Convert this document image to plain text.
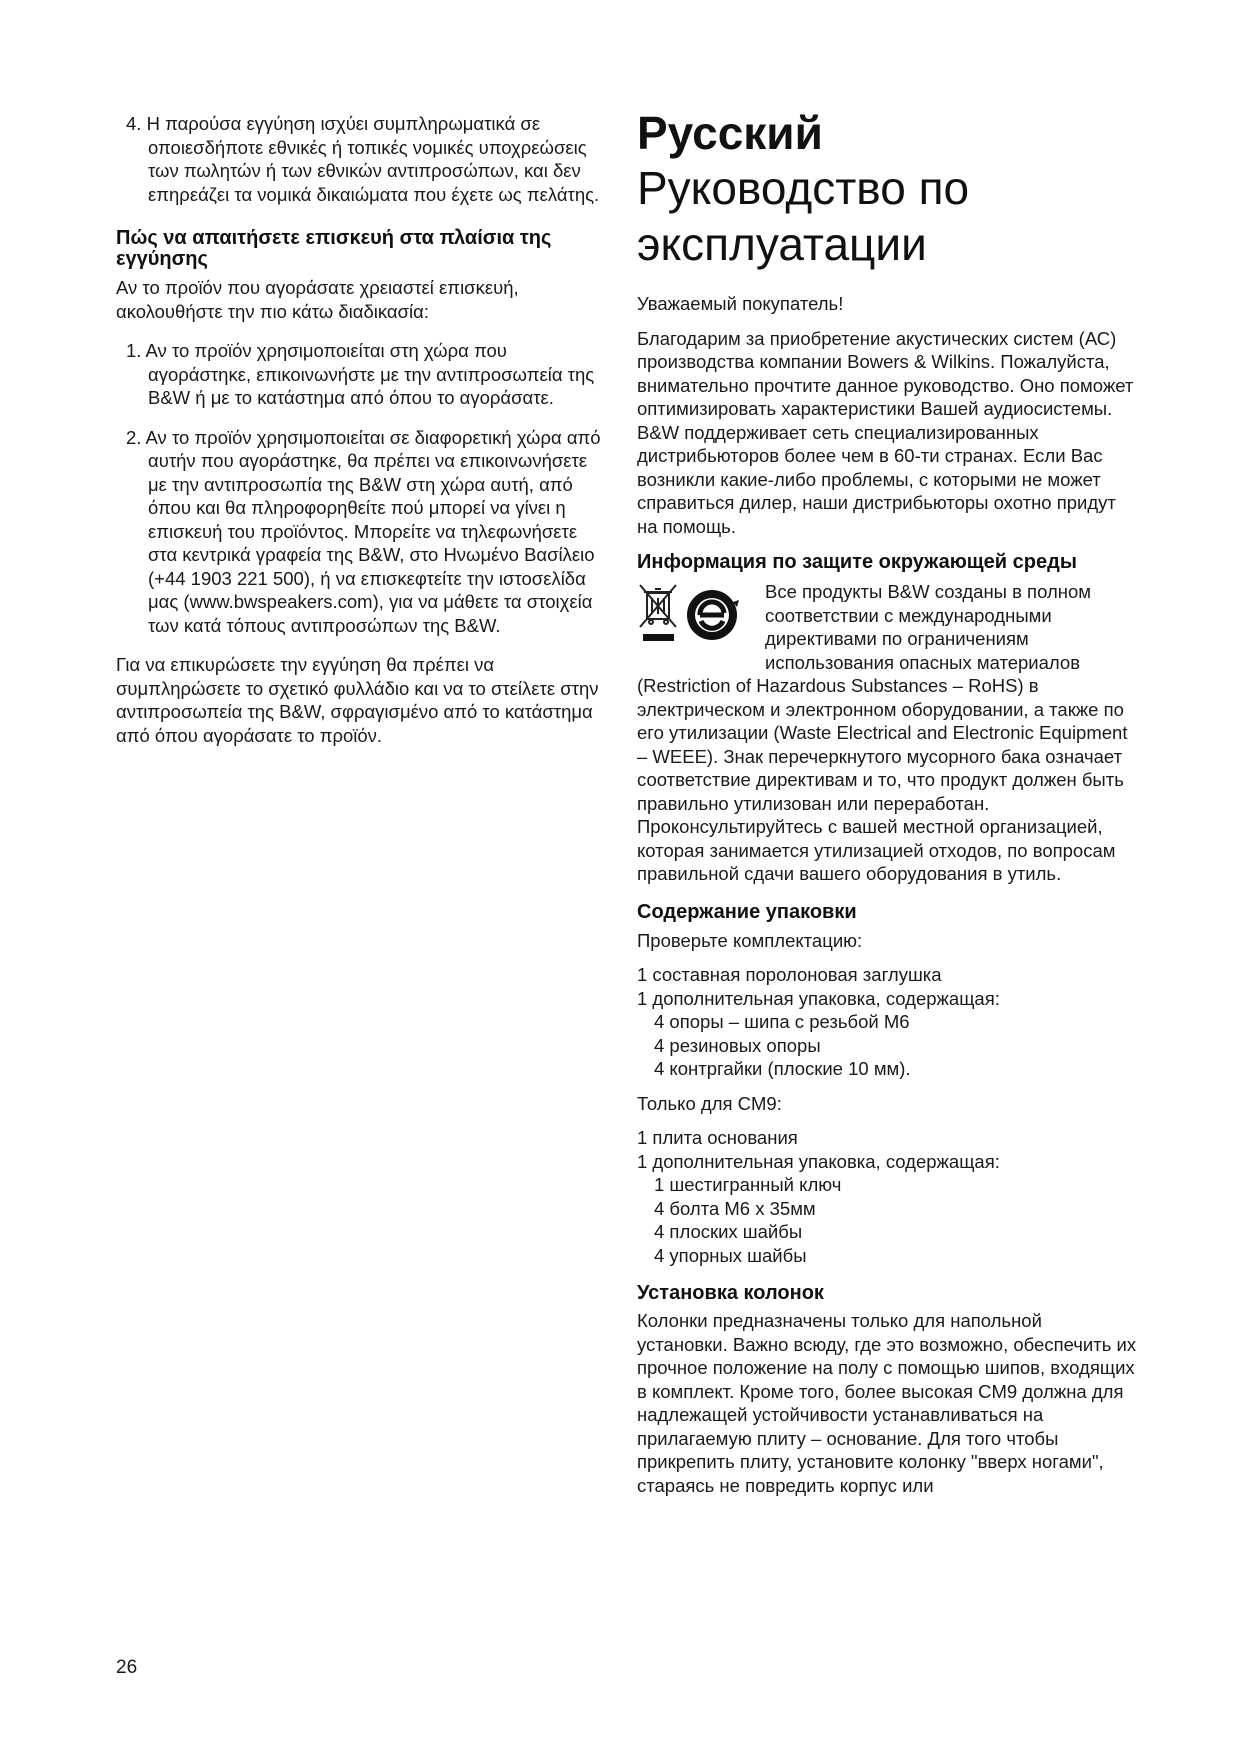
4. Η παρούσα εγγύηση ισχύει συμπληρωματικά σε οποιεσδήποτε εθνικές ή τοπικές νομικές υποχρεώσεις των πωλητών ή των εθνικών αντιπροσώπων, και δεν επηρεάζει τα νομικά δικαιώματα που έχετε ως πελάτης.

Πώς να απαιτήσετε επισκευή στα πλαίσια της εγγύησης

Αν το προϊόν που αγοράσατε χρειαστεί επισκευή, ακολουθήστε την πιο κάτω διαδικασία:

1. Αν το προϊόν χρησιμοποιείται στη χώρα που αγοράστηκε, επικοινωνήστε με την αντιπροσωπεία της B&W ή με το κατάστημα από όπου το αγοράσατε.

2. Αν το προϊόν χρησιμοποιείται σε διαφορετική χώρα από αυτήν που αγοράστηκε, θα πρέπει να επικοινωνήσετε με την αντιπροσωπία της B&W στη χώρα αυτή, από όπου και θα πληροφορηθείτε πού μπορεί να γίνει η επισκευή του προϊόντος. Μπορείτε να τηλεφωνήσετε στα κεντρικά γραφεία της B&W, στο Ηνωμένο Βασίλειο (+44 1903 221 500), ή να επισκεφτείτε την ιστοσελίδα μας (www.bwspeakers.com), για να μάθετε τα στοιχεία των κατά τόπους αντιπροσώπων της B&W.

Για να επικυρώσετε την εγγύηση θα πρέπει να συμπληρώσετε το σχετικό φυλλάδιο και να το στείλετε στην αντιπροσωπεία της B&W, σφραγισμένο από το κατάστημα από όπου αγοράσατε το προϊόν.

Русский
Руководство по эксплуатации

Уважаемый покупатель!

Благодарим за приобретение акустических систем (АС) производства компании Bowers & Wilkins. Пожалуйста, внимательно прочтите данное руководство. Оно поможет оптимизировать характеристики Вашей аудиосистемы. B&W поддерживает сеть специализированных дистрибьюторов более чем в 60-ти странах. Если Вас возникли какие-либо проблемы, с которыми не может справиться дилер, наши дистрибьюторы охотно придут на помощь.

Информация по защите окружающей среды

Все продукты B&W созданы в полном соответствии с международными директивами по ограничениям использования опасных материалов (Restriction of Hazardous Substances – RoHS) в электрическом и электронном оборудовании, а также по его утилизации (Waste Electrical and Electronic Equipment – WEEE). Знак перечеркнутого мусорного бака означает соответствие директивам и то, что продукт должен быть правильно утилизован или переработан. Проконсультируйтесь с вашей местной организацией, которая занимается утилизацией отходов, по вопросам правильной сдачи вашего оборудования в утиль.

Содержание упаковки

Проверьте комплектацию:

1 составная поролоновая заглушка

1 дополнительная упаковка, содержащая:

4 опоры – шипа с резьбой М6

4 резиновых опоры

4 контргайки (плоские 10 мм).

Только для CM9:

1 плита основания

1 дополнительная упаковка, содержащая:

1 шестигранный ключ

4 болта М6 х 35мм

4 плоских шайбы

4 упорных шайбы

Установка колонок

Колонки предназначены только для напольной установки. Важно всюду, где это возможно, обеспечить их прочное положение на полу с помощью шипов, входящих в комплект. Кроме того, более высокая CM9 должна для надлежащей устойчивости устанавливаться на прилагаемую плиту – основание. Для того чтобы прикрепить плиту, установите колонку "вверх ногами", стараясь не повредить корпус или

26
